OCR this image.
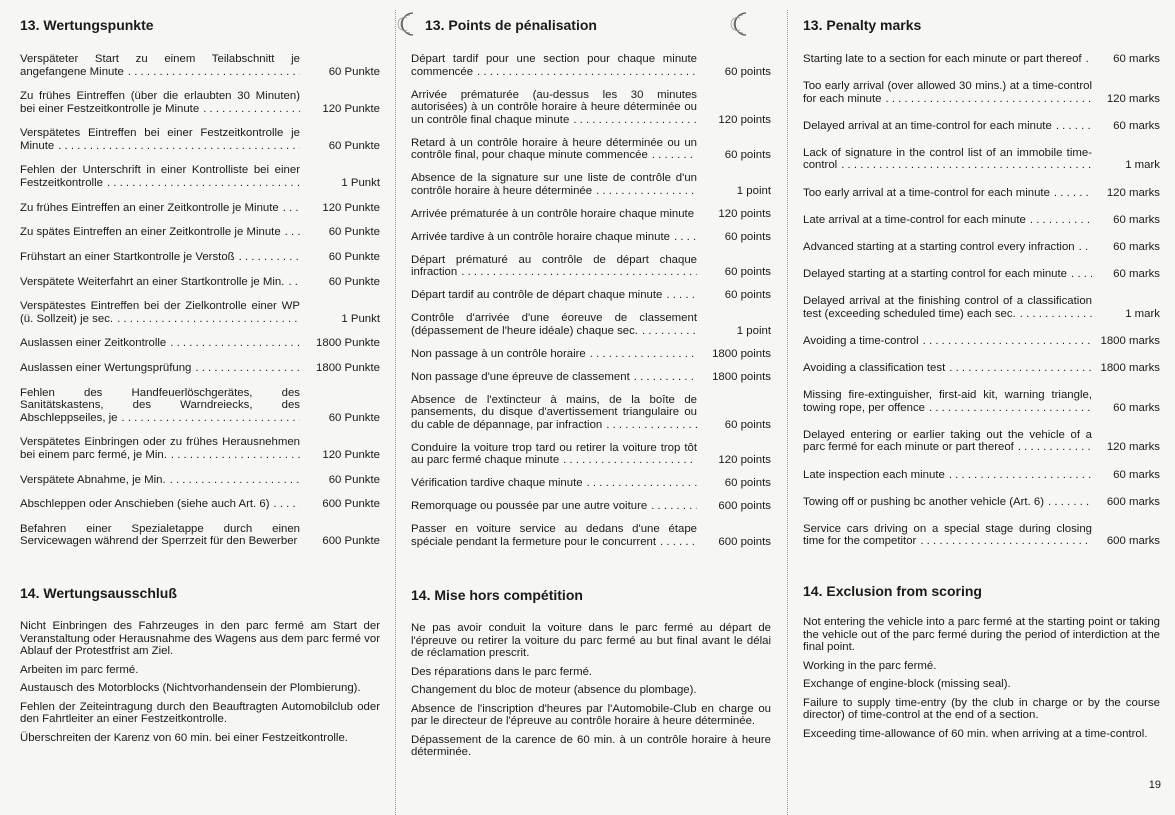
13. Wertungspunkte
Verspäteter Start zu einem Teilabschnitt je angefangene Minute . . .	60 Punkte
Zu frühes Eintreffen (über die erlaubten 30 Minuten) bei einer Festzeitkontrolle je Minute . . .	120 Punkte
Verspätetes Eintreffen bei einer Festzeitkontrolle je Minute . . .	60 Punkte
Fehlen der Unterschrift in einer Kontrolliste bei einer Festzeitkontrolle . . .	1 Punkt
Zu frühes Eintreffen an einer Zeitkontrolle je Minute . . .	120 Punkte
Zu spätes Eintreffen an einer Zeitkontrolle je Minute . . .	60 Punkte
Frühstart an einer Startkontrolle je Verstoß . . .	60 Punkte
Verspätete Weiterfahrt an einer Startkontrolle je Min. . . .	60 Punkte
Verspätestes Eintreffen bei der Zielkontrolle einer WP (ü. Sollzeit) je sec. . . .	1 Punkt
Auslassen einer Zeitkontrolle . . .	1800 Punkte
Auslassen einer Wertungsprüfung . . .	1800 Punkte
Fehlen des Handfeuerlöschgerätes, des Sanitätskastens, des Warndreiecks, des Abschleppseiles, je . . .	60 Punkte
Verspätetes Einbringen oder zu frühes Herausnehmen bei einem parc fermé, je Min. . . .	120 Punkte
Verspätete Abnahme, je Min. . . .	60 Punkte
Abschleppen oder Anschieben (siehe auch Art. 6) . . .	600 Punkte
Befahren einer Spezialetappe durch einen Servicewagen während der Sperrzeit für den Bewerber . . .	600 Punkte
14. Wertungsausschluß

Nicht Einbringen des Fahrzeuges in den parc fermé am Start der Veranstaltung oder Herausnahme des Wagens aus dem parc fermé vor Ablauf der Protestfrist am Ziel.

Arbeiten im parc fermé.

Austausch des Motorblocks (Nichtvorhandensein der Plombierung).

Fehlen der Zeiteintragung durch den Beauftragten Automobilclub oder den Fahrtleiter an einer Festzeitkontrolle.

Überschreiten der Karenz von 60 min. bei einer Festzeitkontrolle.

13. Points de pénalisation
Départ tardif pour une section pour chaque minute commencée . . .	60 points
Arrivée prématurée (au-dessus les 30 minutes autorisées) à un contrôle horaire à heure déterminée ou un contrôle final chaque minute . . .	120 points
Retard à un contrôle horaire à heure déterminée ou un contrôle final, pour chaque minute commencée . . .	60 points
Absence de la signature sur une liste de contrôle d'un contrôle horaire à heure déterminée . . .	1 point
Arrivée prématurée à un contrôle horaire chaque minute . . .	120 points
Arrivée tardive à un contrôle horaire chaque minute . . .	60 points
Départ prématuré au contrôle de départ chaque infraction . . .	60 points
Départ tardif au contrôle de départ chaque minute . . .	60 points
Contrôle d'arrivée d'une éoreuve de classement (dépassement de l'heure idéale) chaque sec. . . .	1 point
Non passage à un contrôle horaire . . .	1800 points
Non passage d'une épreuve de classement . . .	1800 points
Absence de l'extincteur à mains, de la boîte de pansements, du disque d'avertissement triangulaire ou du cable de dépannage, par infraction . . .	60 points
Conduire la voiture trop tard ou retirer la voiture trop tôt au parc fermé chaque minute . . .	120 points
Vérification tardive chaque minute . . .	60 points
Remorquage ou poussée par une autre voiture . . .	600 points
Passer en voiture service au dedans d'une étape spéciale pendant la fermeture pour le concurrent . . .	600 points
14. Mise hors compétition

Ne pas avoir conduit la voiture dans le parc fermé au départ de l'épreuve ou retirer la voiture du parc fermé au but final avant le délai de réclamation prescrit.

Des réparations dans le parc fermé.

Changement du bloc de moteur (absence du plombage).

Absence de l'inscription d'heures par l'Automobile-Club en charge ou par le directeur de l'épreuve au contrôle horaire à heure déterminée.

Dépassement de la carence de 60 min. à un contrôle horaire à heure déterminée.

13. Penalty marks
Starting late to a section for each minute or part thereof . . .	60 marks
Too early arrival (over allowed 30 mins.) at a time-control for each minute . . .	120 marks
Delayed arrival at an time-control for each minute . . .	60 marks
Lack of signature in the control list of an immobile time-control . . .	1 mark
Too early arrival at a time-control for each minute . . .	120 marks
Late arrival at a time-control for each minute . . .	60 marks
Advanced starting at a starting control every infraction . . .	60 marks
Delayed starting at a starting control for each minute . . .	60 marks
Delayed arrival at the finishing control of a classification test (exceeding scheduled time) each sec. . . .	1 mark
Avoiding a time-control . . .	1800 marks
Avoiding a classification test . . .	1800 marks
Missing fire-extinguisher, first-aid kit, warning triangle, towing rope, per offence . . .	60 marks
Delayed entering or earlier taking out the vehicle of a parc fermé for each minute or part thereof . . .	120 marks
Late inspection each minute . . .	60 marks
Towing off or pushing bc another vehicle (Art. 6) . . .	600 marks
Service cars driving on a special stage during closing time for the competitor . . .	600 marks
14. Exclusion from scoring

Not entering the vehicle into a parc fermé at the starting point or taking the vehicle out of the parc fermé during the period of interdiction at the final point.

Working in the parc fermé.

Exchange of engine-block (missing seal).

Failure to supply time-entry (by the club in charge or by the course director) of time-control at the end of a section.

Exceeding time-allowance of 60 min. when arriving at a time-control.

19
